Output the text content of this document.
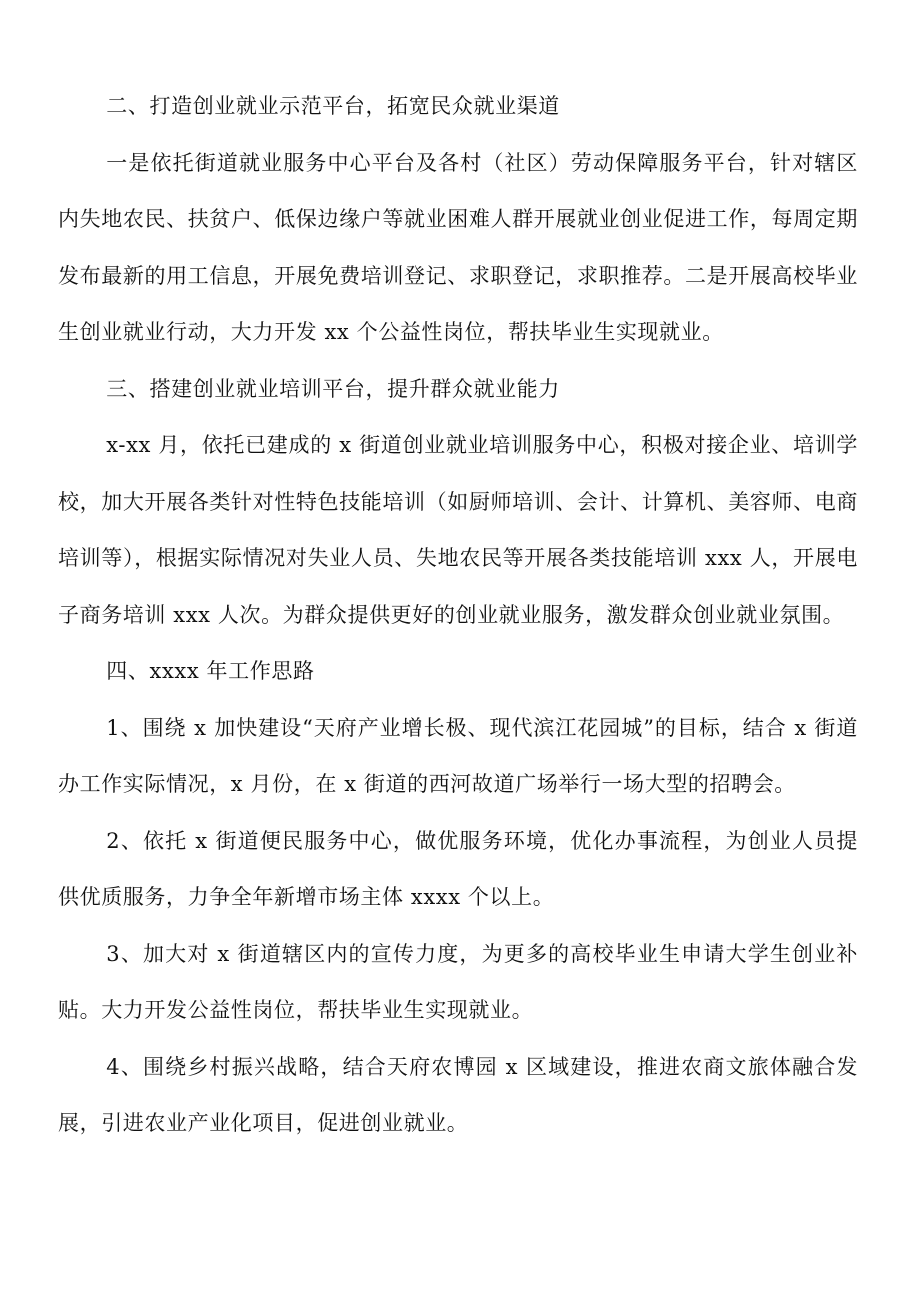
二、打造创业就业示范平台，拓宽民众就业渠道

一是依托街道就业服务中心平台及各村（社区）劳动保障服务平台，针对辖区内失地农民、扶贫户、低保边缘户等就业困难人群开展就业创业促进工作，每周定期发布最新的用工信息，开展免费培训登记、求职登记，求职推荐。二是开展高校毕业生创业就业行动，大力开发 xx 个公益性岗位，帮扶毕业生实现就业。

三、搭建创业就业培训平台，提升群众就业能力

x-xx 月，依托已建成的 x 街道创业就业培训服务中心，积极对接企业、培训学校，加大开展各类针对性特色技能培训（如厨师培训、会计、计算机、美容师、电商培训等），根据实际情况对失业人员、失地农民等开展各类技能培训 xxx 人，开展电子商务培训 xxx 人次。为群众提供更好的创业就业服务，激发群众创业就业氛围。

四、xxxx 年工作思路

1、围绕 x 加快建设“天府产业增长极、现代滨江花园城”的目标，结合 x 街道办工作实际情况，x 月份，在 x 街道的西河故道广场举行一场大型的招聘会。

2、依托 x 街道便民服务中心，做优服务环境，优化办事流程，为创业人员提供优质服务，力争全年新增市场主体 xxxx 个以上。

3、加大对 x 街道辖区内的宣传力度，为更多的高校毕业生申请大学生创业补贴。大力开发公益性岗位，帮扶毕业生实现就业。

4、围绕乡村振兴战略，结合天府农博园 x 区域建设，推进农商文旅体融合发展，引进农业产业化项目，促进创业就业。
